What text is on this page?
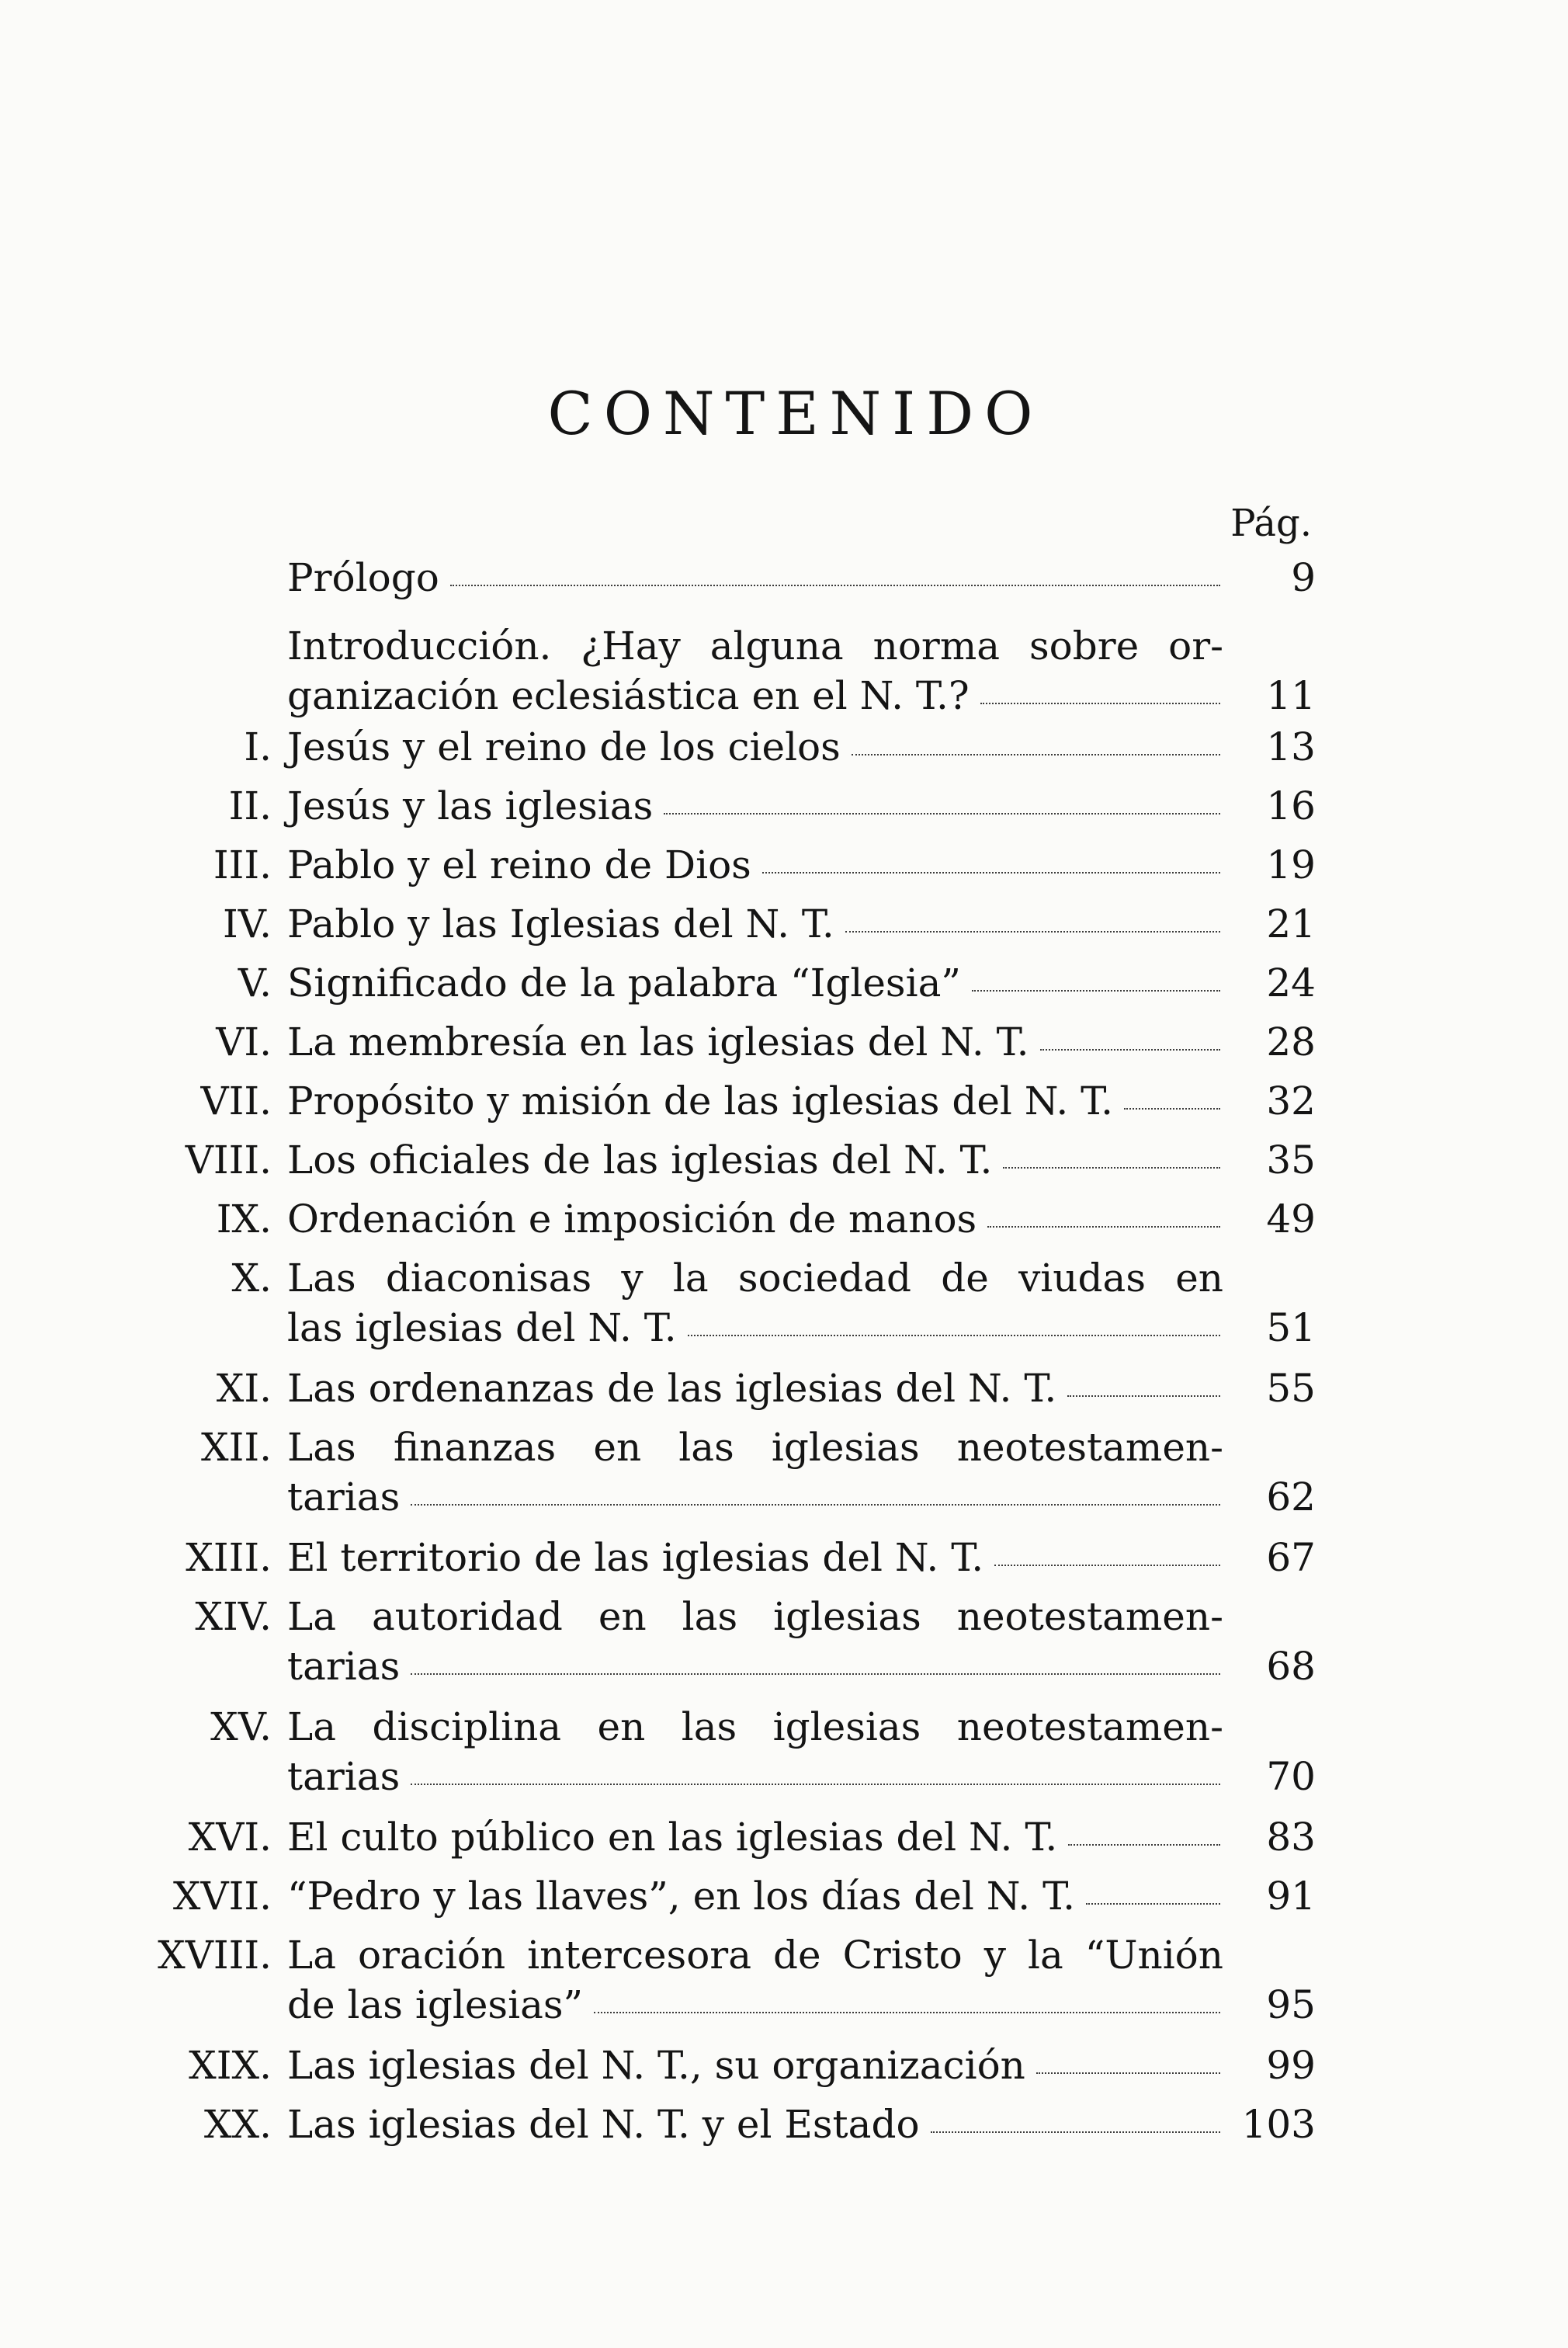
CONTENIDO
Pág.
Prólogo	9
Introducción. ¿Hay alguna norma sobre or-
ganización eclesiástica en el N. T.?	11
I. Jesús y el reino de los cielos	13
II. Jesús y las iglesias	16
III. Pablo y el reino de Dios	19
IV. Pablo y las Iglesias del N. T.	21
V. Significado de la palabra “Iglesia”	24
VI. La membresía en las iglesias del N. T.	28
VII. Propósito y misión de las iglesias del N. T.	32
VIII. Los oficiales de las iglesias del N. T.	35
IX. Ordenación e imposición de manos	49
X. Las diaconisas y la sociedad de viudas en
las iglesias del N. T.	51
XI. Las ordenanzas de las iglesias del N. T.	55
XII. Las finanzas en las iglesias neotestamen-
tarias	62
XIII. El territorio de las iglesias del N. T.	67
XIV. La autoridad en las iglesias neotestamen-
tarias	68
XV. La disciplina en las iglesias neotestamen-
tarias	70
XVI. El culto público en las iglesias del N. T.	83
XVII. “Pedro y las llaves”, en los días del N. T.	91
XVIII. La oración intercesora de Cristo y la “Unión
de las iglesias”	95
XIX. Las iglesias del N. T., su organización	99
XX. Las iglesias del N. T. y el Estado	103
